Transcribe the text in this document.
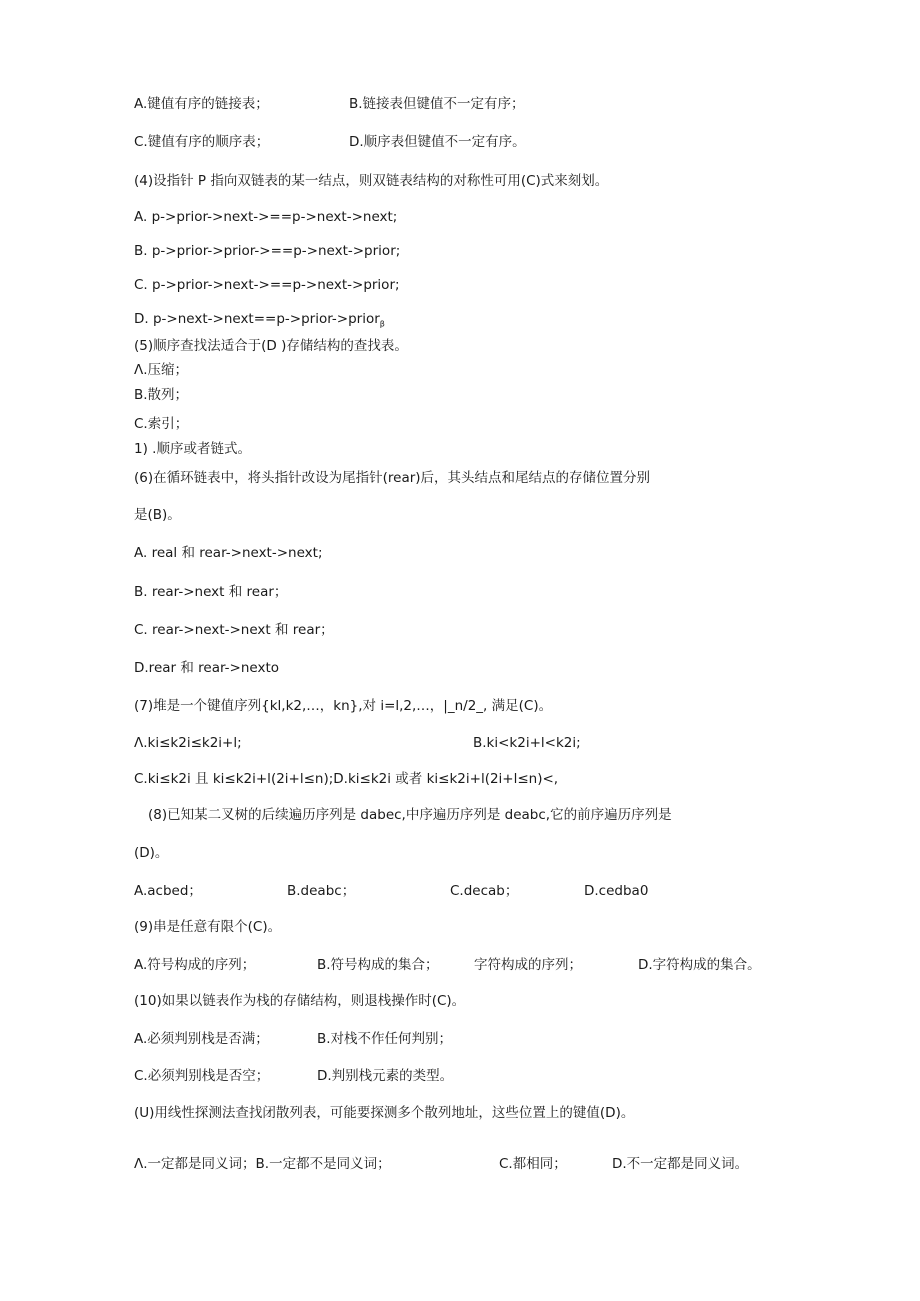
A.键值有序的链接表；	B.链接表但键值不一定有序；
C.键值有序的顺序表；	D.顺序表但键值不一定有序。
(4)设指针 P 指向双链表的某一结点，则双链表结构的对称性可用(C)式来刻划。
A. p->prior->next->==p->next->next;
B. p->prior->prior->==p->next->prior;
C. p->prior->next->==p->next->prior;
D. p->next->next==p->prior->prior$_\beta$
(5)顺序查找法适合于(D )存储结构的查找表。
Λ.压缩；
B.散列；
C.索引；
1) .顺序或者链式。
(6)在循环链表中，将头指针改设为尾指针(rear)后，其头结点和尾结点的存储位置分别
是(B)。
A. real 和 rear->next->next;
B. rear->next 和 rear；
C. rear->next->next 和 rear；
D.rear 和 rear->nexto
(7)堆是一个键值序列{kl,k2,…，kn},对 i=l,2,…，|_n/2_, 满足(C)。
Λ.ki≤k2i≤k2i+l;	B.ki<k2i+l<k2i;
C.ki≤k2i 且 ki≤k2i+l(2i+l≤n);D.ki≤k2i 或者 ki≤k2i+l(2i+l≤n)<,
(8)已知某二叉树的后续遍历序列是 dabec,中序遍历序列是 deabc,它的前序遍历序列是
(D)。
A.acbed；	B.deabc；	C.decab；	D.cedba0
(9)串是任意有限个(C)。
A.符号构成的序列；	B.符号构成的集合；	字符构成的序列；	D.字符构成的集合。
(10)如果以链表作为栈的存储结构，则退栈操作时(C)。
A.必须判别栈是否满；	B.对栈不作任何判别；
C.必须判别栈是否空；	D.判别栈元素的类型。
(U)用线性探测法查找闭散列表，可能要探测多个散列地址，这些位置上的键值(D)。
Λ.一定都是同义词；B.一定都不是同义词；	C.都相同；	D.不一定都是同义词。
